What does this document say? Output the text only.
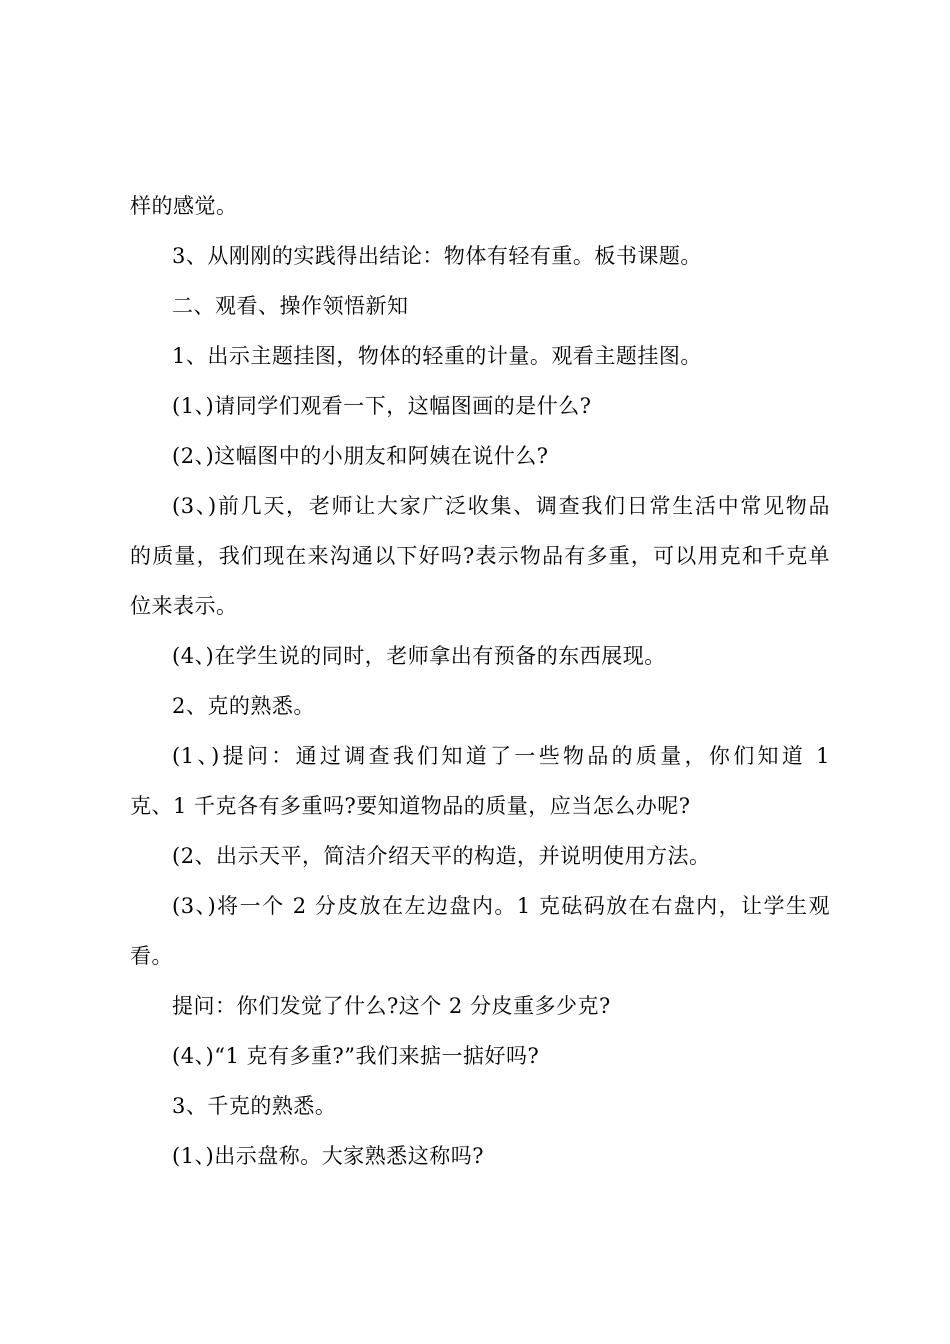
样的感觉。
3、从刚刚的实践得出结论：物体有轻有重。板书课题。
二、观看、操作领悟新知
1、出示主题挂图，物体的轻重的计量。观看主题挂图。
(1、)请同学们观看一下，这幅图画的是什么?
(2、)这幅图中的小朋友和阿姨在说什么?
(3、)前几天，老师让大家广泛收集、调查我们日常生活中常见物品
的质量，我们现在来沟通以下好吗?表示物品有多重，可以用克和千克单
位来表示。
(4、)在学生说的同时，老师拿出有预备的东西展现。
2、克的熟悉。
(1、)提问：通过调查我们知道了一些物品的质量，你们知道 1
克、1 千克各有多重吗?要知道物品的质量，应当怎么办呢?
(2、出示天平，简洁介绍天平的构造，并说明使用方法。
(3、)将一个 2 分皮放在左边盘内。1 克砝码放在右盘内，让学生观
看。
提问：你们发觉了什么?这个 2 分皮重多少克?
(4、)“1 克有多重?”我们来掂一掂好吗?
3、千克的熟悉。
(1、)出示盘称。大家熟悉这称吗?
